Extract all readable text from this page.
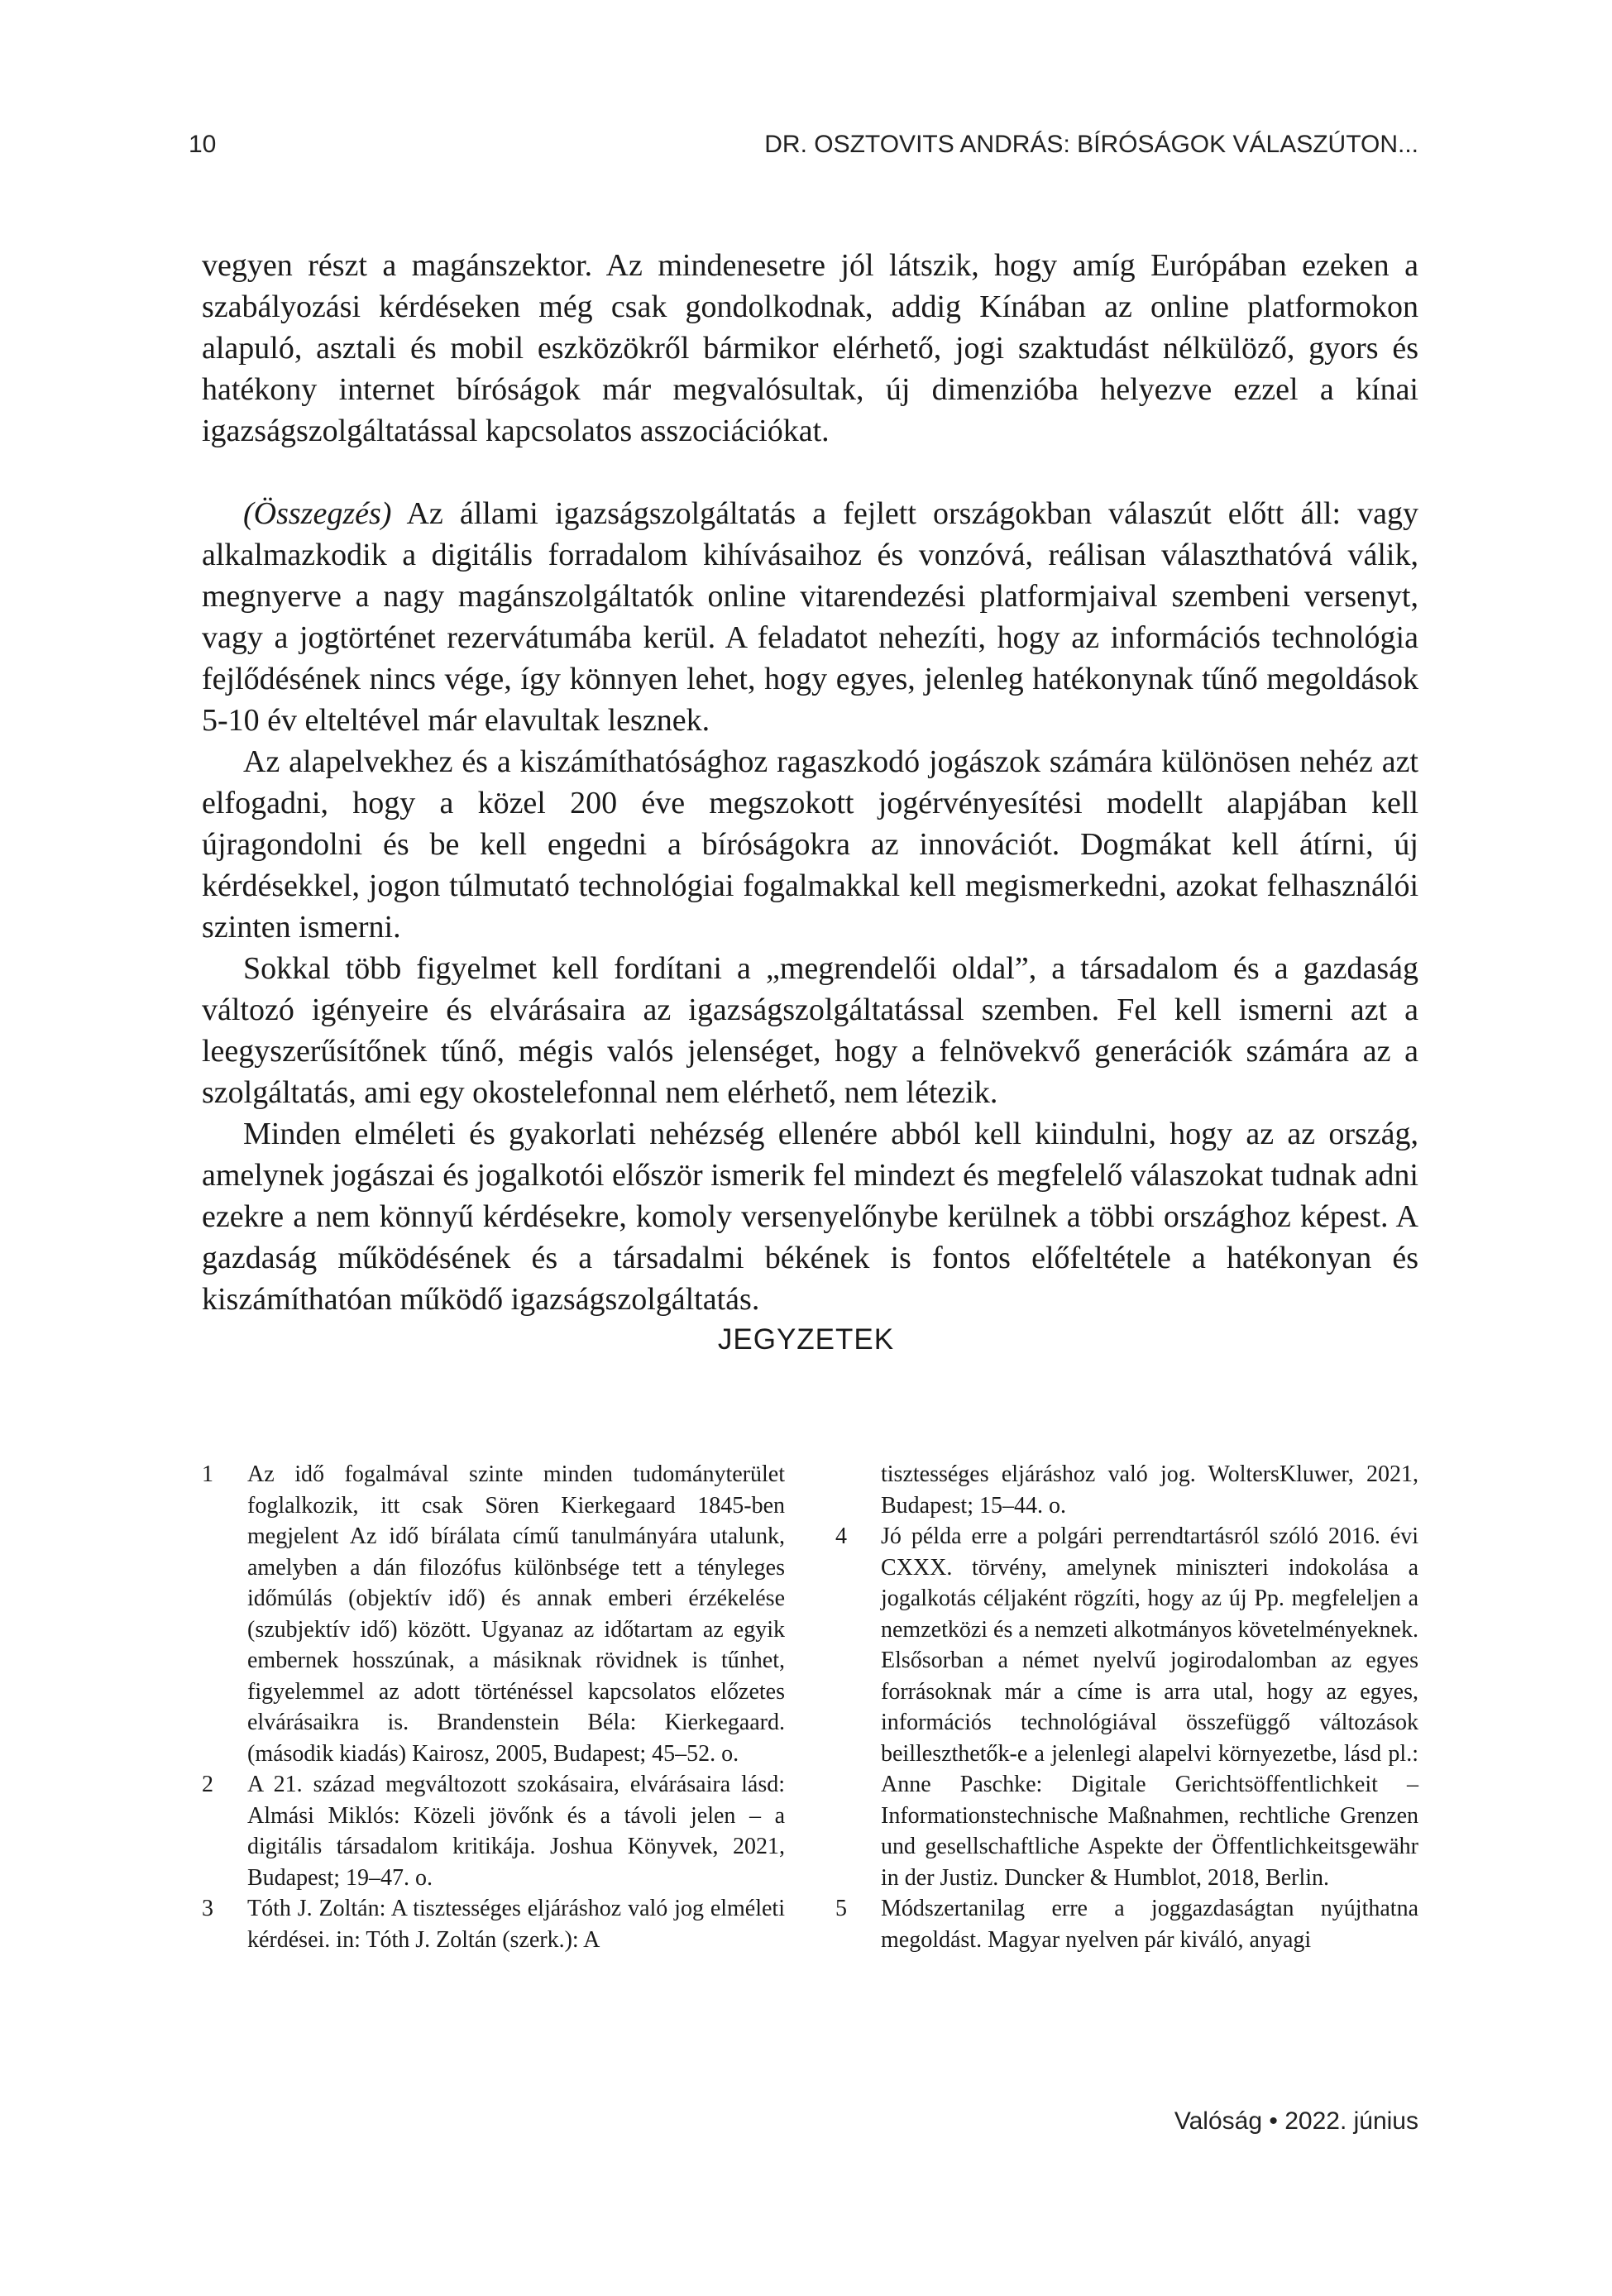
10	DR. OSZTOVITS ANDRÁS: BÍRÓSÁGOK VÁLASZÚTON...

vegyen részt a magánszektor. Az mindenesetre jól látszik, hogy amíg Európában ezeken a szabályozási kérdéseken még csak gondolkodnak, addig Kínában az online platformokon alapuló, asztali és mobil eszközökről bármikor elérhető, jogi szaktudást nélkülöző, gyors és hatékony internet bíróságok már megvalósultak, új dimenzióba helyezve ezzel a kínai igazságszolgáltatással kapcsolatos asszociációkat.

(Összegzés) Az állami igazságszolgáltatás a fejlett országokban válaszút előtt áll: vagy alkalmazkodik a digitális forradalom kihívásaihoz és vonzóvá, reálisan választhatóvá válik, megnyerve a nagy magánszolgáltatók online vitarendezési platformjaival szembeni versenyt, vagy a jogtörténet rezervátumába kerül. A feladatot nehezíti, hogy az információs technológia fejlődésének nincs vége, így könnyen lehet, hogy egyes, jelenleg hatékonynak tűnő megoldások 5-10 év elteltével már elavultak lesznek.

Az alapelvekhez és a kiszámíthatósághoz ragaszkodó jogászok számára különösen nehéz azt elfogadni, hogy a közel 200 éve megszokott jogérvényesítési modellt alapjában kell újragondolni és be kell engedni a bíróságokra az innovációt. Dogmákat kell átírni, új kérdésekkel, jogon túlmutató technológiai fogalmakkal kell megismerkedni, azokat felhasználói szinten ismerni.

Sokkal több figyelmet kell fordítani a „megrendelői oldal”, a társadalom és a gazdaság változó igényeire és elvárásaira az igazságszolgáltatással szemben. Fel kell ismerni azt a leegyszerűsítőnek tűnő, mégis valós jelenséget, hogy a felnövekvő generációk számára az a szolgáltatás, ami egy okostelefonnal nem elérhető, nem létezik.

Minden elméleti és gyakorlati nehézség ellenére abból kell kiindulni, hogy az az ország, amelynek jogászai és jogalkotói először ismerik fel mindezt és megfelelő válaszokat tudnak adni ezekre a nem könnyű kérdésekre, komoly versenyelőnybe kerülnek a többi országhoz képest. A gazdaság működésének és a társadalmi békének is fontos előfeltétele a hatékonyan és kiszámíthatóan működő igazságszolgáltatás.

JEGYZETEK
1	Az idő fogalmával szinte minden tudományterület foglalkozik, itt csak Sören Kierkegaard 1845-ben megjelent Az idő bírálata című tanulmányára utalunk, amelyben a dán filozófus különbsége tett a tényleges időmúlás (objektív idő) és annak emberi érzékelése (szubjektív idő) között. Ugyanaz az időtartam az egyik embernek hosszúnak, a másiknak rövidnek is tűnhet, figyelemmel az adott történéssel kapcsolatos előzetes elvárásaikra is. Brandenstein Béla: Kierkegaard. (második kiadás) Kairosz, 2005, Budapest; 45–52. o.
2	A 21. század megváltozott szokásaira, elvárásaira lásd: Almási Miklós: Közeli jövőnk és a távoli jelen – a digitális társadalom kritikája. Joshua Könyvek, 2021, Budapest; 19–47. o.
3	Tóth J. Zoltán: A tisztességes eljáráshoz való jog elméleti kérdései. in: Tóth J. Zoltán (szerk.): A
tisztességes eljáráshoz való jog. WoltersKluwer, 2021, Budapest; 15–44. o.
4	Jó példa erre a polgári perrendtartásról szóló 2016. évi CXXX. törvény, amelynek miniszteri indokolása a jogalkotás céljaként rögzíti, hogy az új Pp. megfeleljen a nemzetközi és a nemzeti alkotmányos követelményeknek. Elsősorban a német nyelvű jogirodalomban az egyes forrásoknak már a címe is arra utal, hogy az egyes, információs technológiával összefüggő változások beilleszthetők-e a jelenlegi alapelvi környezetbe, lásd pl.: Anne Paschke: Digitale Gerichtsöffentlichkeit – Informationstechnische Maßnahmen, rechtliche Grenzen und gesellschaftliche Aspekte der Öffentlichkeitsgewähr in der Justiz. Duncker & Humblot, 2018, Berlin.
5	Módszertanilag erre a joggazdaságtan nyújthatna megoldást. Magyar nyelven pár kiváló, anyagi
Valóság • 2022. június
